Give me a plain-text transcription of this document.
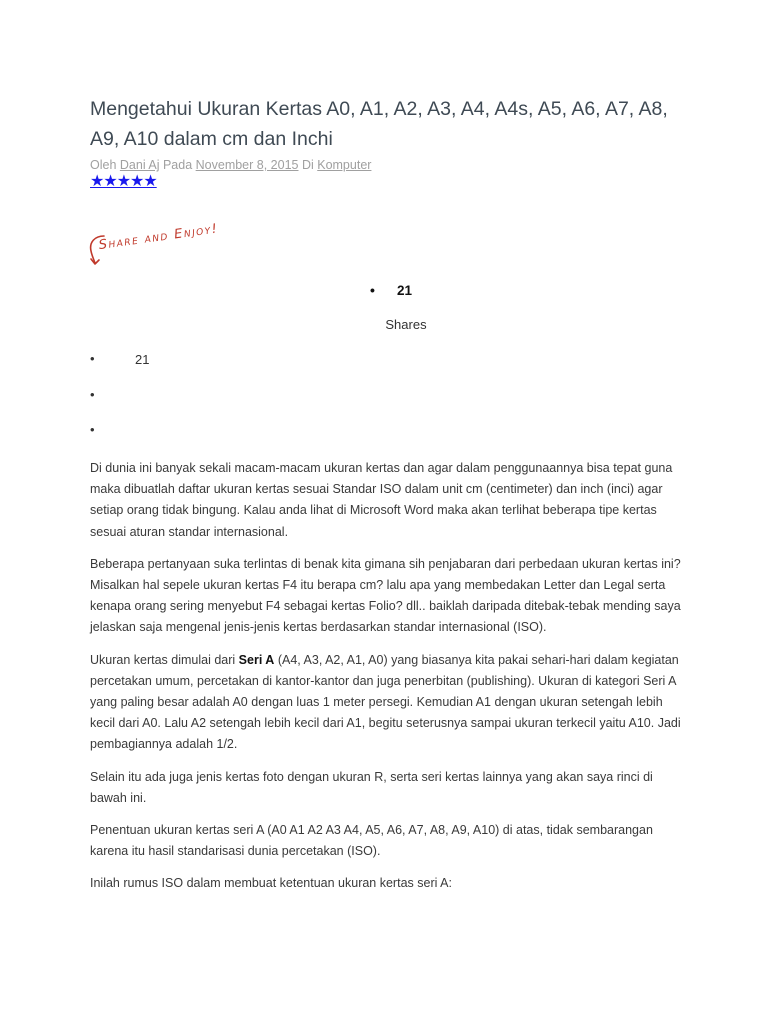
Mengetahui Ukuran Kertas A0, A1, A2, A3, A4, A4s, A5, A6, A7, A8, A9, A10 dalam cm dan Inchi
Oleh Dani Aj Pada November 8, 2015 Di Komputer
★★★★★
Share and Enjoy!
• 21
Shares
•	21
•
•

Di dunia ini banyak sekali macam-macam ukuran kertas dan agar dalam penggunaannya bisa tepat guna maka dibuatlah daftar ukuran kertas sesuai Standar ISO dalam unit cm (centimeter) dan inch (inci) agar setiap orang tidak bingung. Kalau anda lihat di Microsoft Word maka akan terlihat beberapa tipe kertas sesuai aturan standar internasional.

Beberapa pertanyaan suka terlintas di benak kita gimana sih penjabaran dari perbedaan ukuran kertas ini? Misalkan hal sepele ukuran kertas F4 itu berapa cm? lalu apa yang membedakan Letter dan Legal serta kenapa orang sering menyebut F4 sebagai kertas Folio? dll.. baiklah daripada ditebak-tebak mending saya jelaskan saja mengenal jenis-jenis kertas berdasarkan standar internasional (ISO).

Ukuran kertas dimulai dari Seri A (A4, A3, A2, A1, A0) yang biasanya kita pakai sehari-hari dalam kegiatan percetakan umum, percetakan di kantor-kantor dan juga penerbitan (publishing). Ukuran di kategori Seri A yang paling besar adalah A0 dengan luas 1 meter persegi. Kemudian A1 dengan ukuran setengah lebih kecil dari A0. Lalu A2 setengah lebih kecil dari A1, begitu seterusnya sampai ukuran terkecil yaitu A10. Jadi pembagiannya adalah 1/2.

Selain itu ada juga jenis kertas foto dengan ukuran R, serta seri kertas lainnya yang akan saya rinci di bawah ini.

Penentuan ukuran kertas seri A (A0 A1 A2 A3 A4, A5, A6, A7, A8, A9, A10) di atas, tidak sembarangan karena itu hasil standarisasi dunia percetakan (ISO).

Inilah rumus ISO dalam membuat ketentuan ukuran kertas seri A:
